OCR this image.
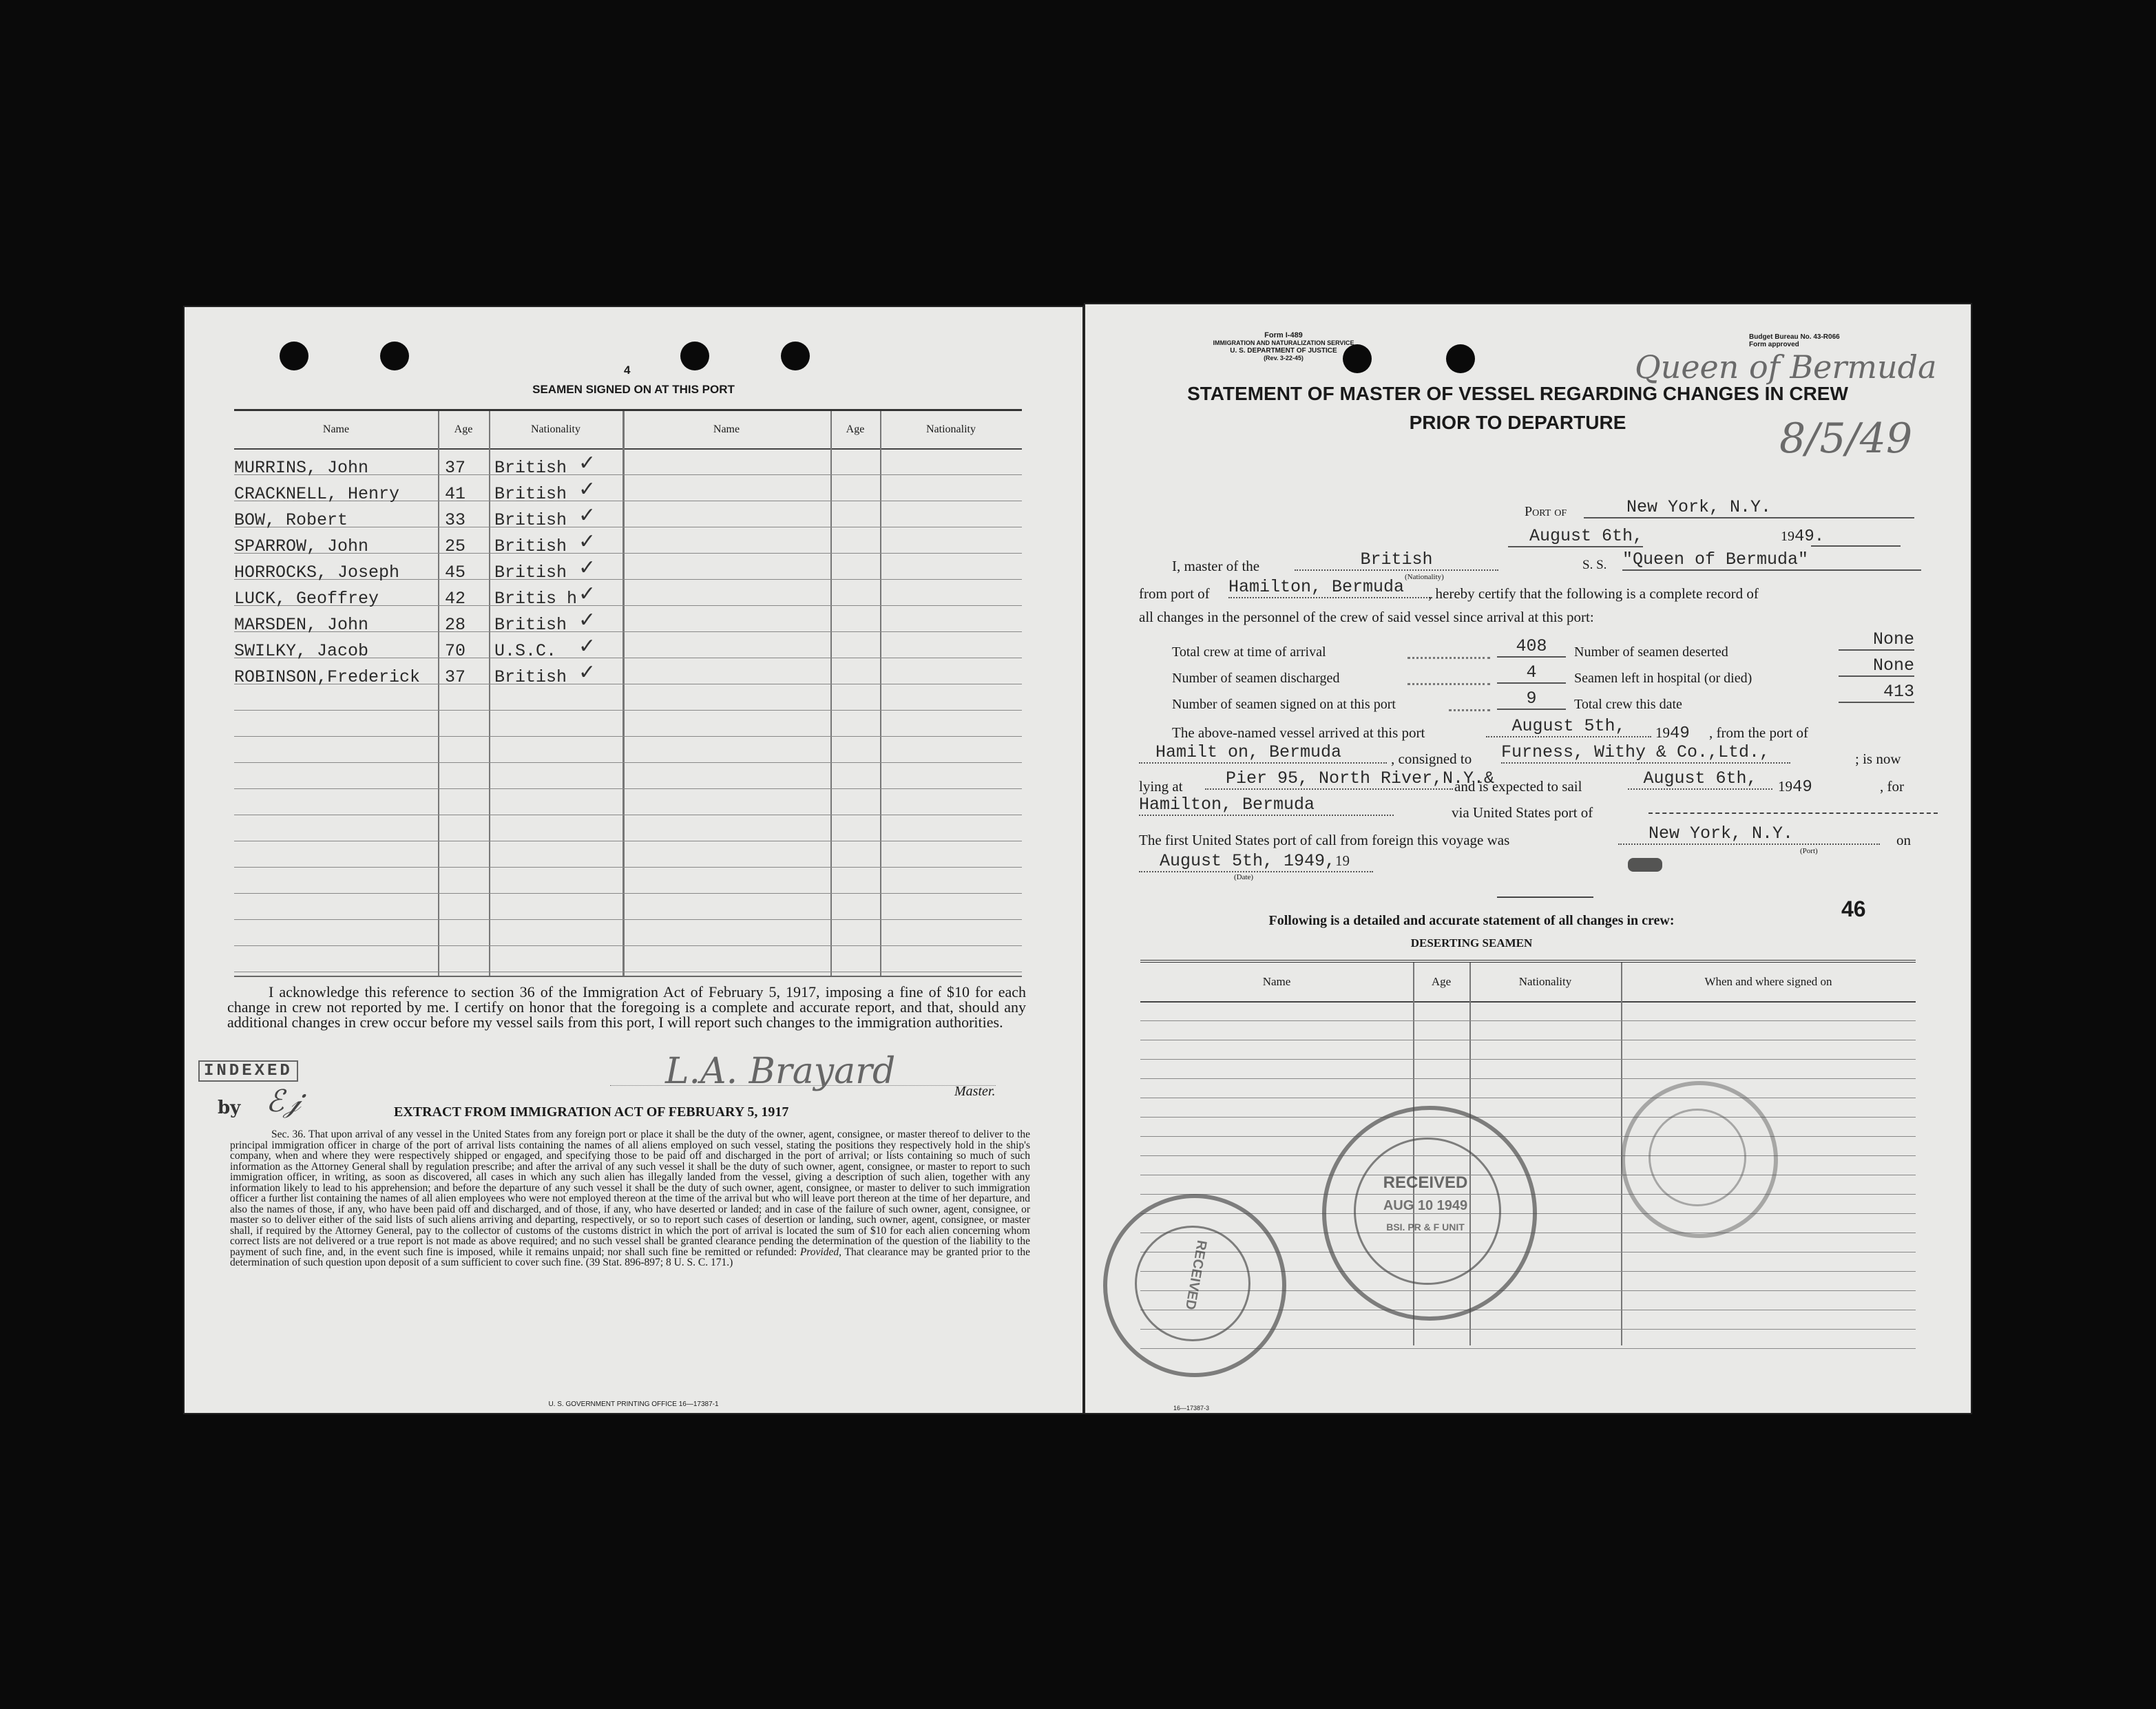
4
SEAMEN SIGNED ON AT THIS PORT
Name	Age	Nationality	Name	Age	Nationality
MURRINS, John	37 British ✓
CRACKNELL, Henry	41 British ✓
BOW, Robert	33 British ✓
SPARROW, John	25 British ✓
HORROCKS, Joseph	45 British ✓
LUCK, Geoffrey	42 Britis h ✓
MARSDEN, John	28 British ✓
SWILKY, Jacob	70 U.S.C. ✓
ROBINSON,Frederick 37 British ✓
I acknowledge this reference to section 36 of the Immigration Act of February 5, 1917, imposing a fine of $10 for each change in crew not reported by me. I certify on honor that the foregoing is a complete and accurate report, and that, should any additional changes in crew occur before my vessel sails from this port, I will report such changes to the immigration authorities.
INDEXED
by ℰ𝒿
L.A. Brayard	Master.
EXTRACT FROM IMMIGRATION ACT OF FEBRUARY 5, 1917
Sec. 36. That upon arrival of any vessel in the United States from any foreign port or place it shall be the duty of the owner, agent, consignee, or master thereof to deliver to the principal immigration officer in charge of the port of arrival lists containing the names of all aliens employed on such vessel, stating the positions they respectively hold in the ship's company, when and where they were respectively shipped or engaged, and specifying those to be paid off and discharged in the port of arrival; or lists containing so much of such information as the Attorney General shall by regulation prescribe; and after the arrival of any such vessel it shall be the duty of such owner, agent, consignee, or master to report to such immigration officer, in writing, as soon as discovered, all cases in which any such alien has illegally landed from the vessel, giving a description of such alien, together with any information likely to lead to his apprehension; and before the departure of any such vessel it shall be the duty of such owner, agent, consignee, or master to deliver to such immigration officer a further list containing the names of all alien employees who were not employed thereon at the time of the arrival but who will leave port thereon at the time of her departure, and also the names of those, if any, who have been paid off and discharged, and of those, if any, who have deserted or landed; and in case of the failure of such owner, agent, consignee, or master so to deliver either of the said lists of such aliens arriving and departing, respectively, or so to report such cases of desertion or landing, such owner, agent, consignee, or master shall, if required by the Attorney General, pay to the collector of customs of the customs district in which the port of arrival is located the sum of $10 for each alien concerning whom correct lists are not delivered or a true report is not made as above required; and no such vessel shall be granted clearance pending the determination of the question of the liability to the payment of such fine, and, in the event such fine is imposed, while it remains unpaid; nor shall such fine be remitted or refunded: Provided, That clearance may be granted prior to the determination of such question upon deposit of a sum sufficient to cover such fine. (39 Stat. 896-897; 8 U. S. C. 171.)
U. S. GOVERNMENT PRINTING OFFICE 16—17387-1
Form I-489
IMMIGRATION AND NATURALIZATION SERVICE
U. S. DEPARTMENT OF JUSTICE
(Rev. 3-22-45)
Budget Bureau No. 43-R066
Form approved
Queen of Bermuda
8/5/49
STATEMENT OF MASTER OF VESSEL REGARDING CHANGES IN CREW
PRIOR TO DEPARTURE
Port of	New York, N.Y.
August 6th,	1949.
I, master of the	British
(Nationality)
S. S. "Queen of Bermuda"
from port of Hamilton, Bermuda	, hereby certify that the following is a complete record of
all changes in the personnel of the crew of said vessel since arrival at this port:
Total crew at time of arrival	408	Number of seamen deserted
None
Number of seamen discharged	4	Seamen left in hospital (or died)
None
Number of seamen signed on at this port	9	Total crew this date
413
The above-named vessel arrived at this port	August 5th,	1949 , from the port of
Hamilt on, Bermuda	, consigned to Furness, Withy & Co.,Ltd.,	; is now
lying at	Pier 95, North River,N.Y.&
and is expected to sail	August 6th,	1949	, for
Hamilton, Bermuda	via United States port of
The first United States port of call from foreign this voyage was	New York, N.Y.
(Port)
on
August 5th, 1949,19
(Date)
46
Following is a detailed and accurate statement of all changes in crew:
DESERTING SEAMEN
Name	Age	Nationality	When and where signed on
RECEIVED
RECEIVED
AUG 10 1949
BSI. PR & F UNIT
16—17387-3
